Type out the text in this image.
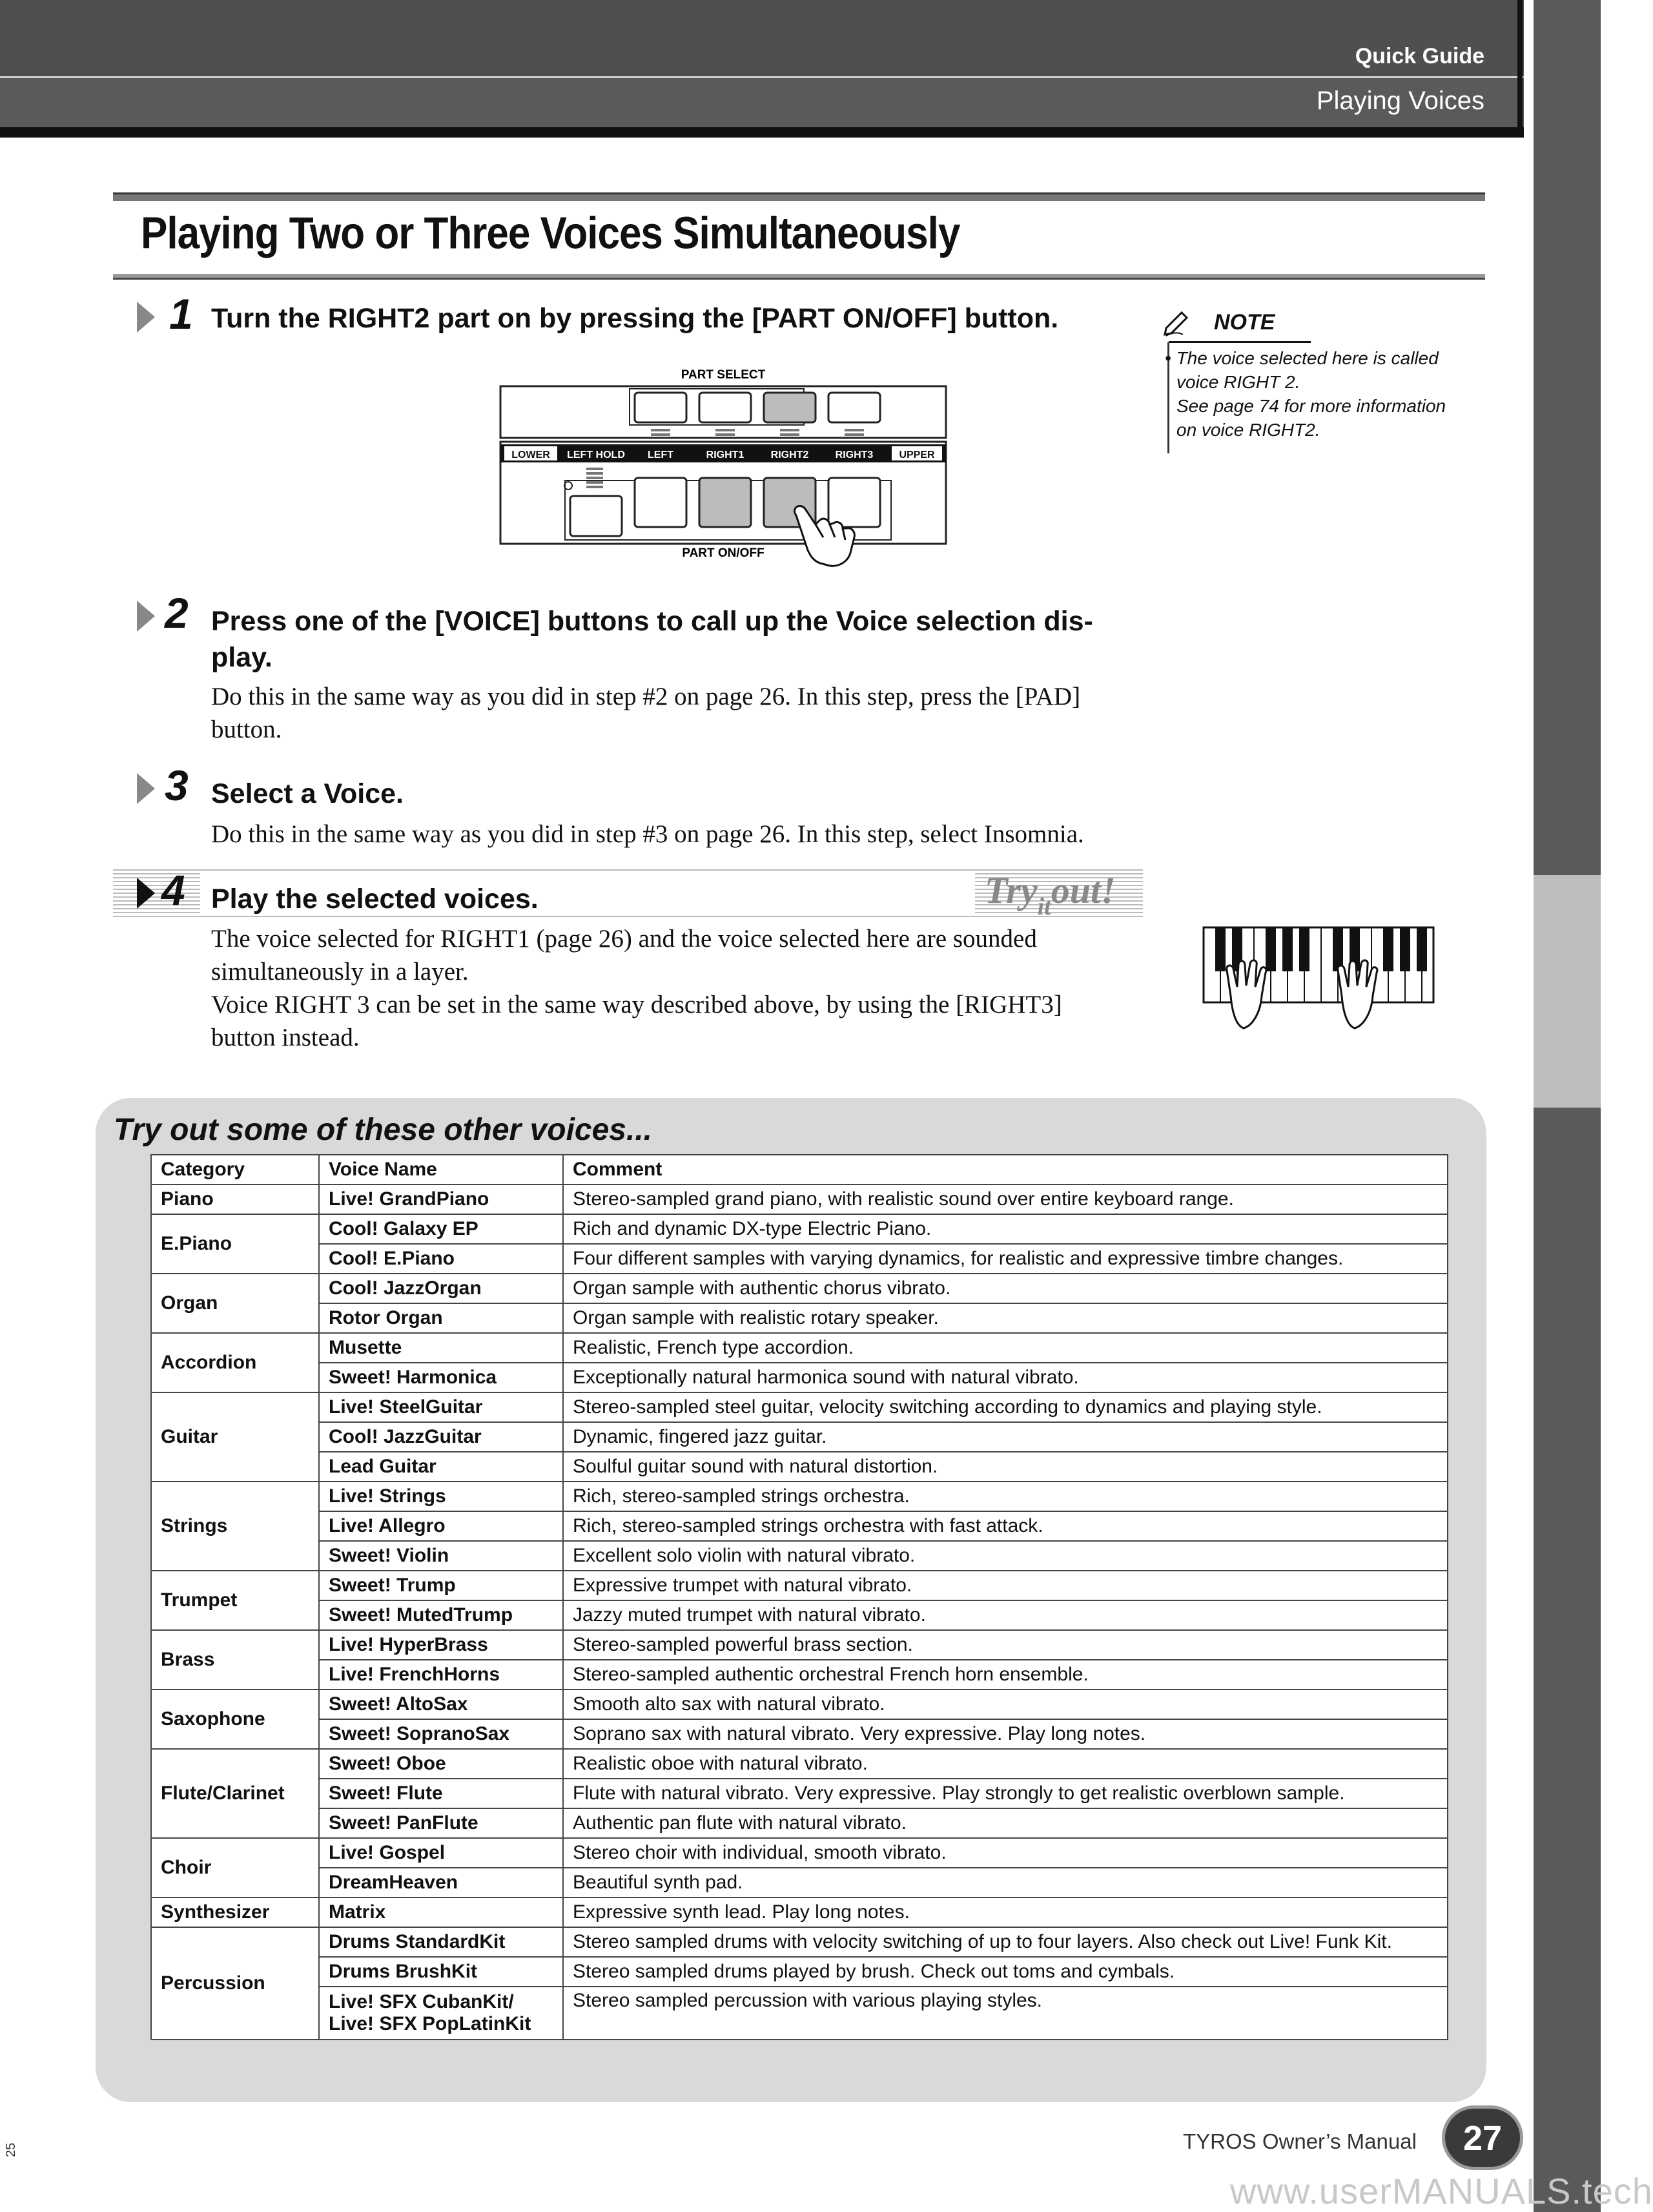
Quick Guide
Playing Voices
Playing Two or Three Voices Simultaneously
1 Turn the RIGHT2 part on by pressing the [PART ON/OFF] button.
PART SELECT
LOWER LEFT HOLD LEFT	RIGHT1	RIGHT2	RIGHT3	UPPER
PART ON/OFF
NOTE
• The voice selected here is called
voice RIGHT 2.
See page 74 for more information
on voice RIGHT2.
2 Press one of the [VOICE] buttons to call up the Voice selection dis-
play.
Do this in the same way as you did in step #2 on page 26. In this step, press the [PAD]
button.
3 Select a Voice.
Do this in the same way as you did in step #3 on page 26. In this step, select Insomnia.
4 Play the selected voices.	Try$_{it}$out!
The voice selected for RIGHT1 (page 26) and the voice selected here are sounded
simultaneously in a layer.
Voice RIGHT 3 can be set in the same way described above, by using the [RIGHT3]
button instead.
Try out some of these other voices...
Category	Voice Name	Comment
Piano	Live! GrandPiano	Stereo-sampled grand piano, with realistic sound over entire keyboard range.
E.Piano	Cool! Galaxy EP	Rich and dynamic DX-type Electric Piano.
	Cool! E.Piano	Four different samples with varying dynamics, for realistic and expressive timbre changes.
Organ	Cool! JazzOrgan	Organ sample with authentic chorus vibrato.
	Rotor Organ	Organ sample with realistic rotary speaker.
Accordion	Musette	Realistic, French type accordion.
	Sweet! Harmonica	Exceptionally natural harmonica sound with natural vibrato.
Guitar	Live! SteelGuitar	Stereo-sampled steel guitar, velocity switching according to dynamics and playing style.
	Cool! JazzGuitar	Dynamic, fingered jazz guitar.
	Lead Guitar	Soulful guitar sound with natural distortion.
Strings	Live! Strings	Rich, stereo-sampled strings orchestra.
	Live! Allegro	Rich, stereo-sampled strings orchestra with fast attack.
	Sweet! Violin	Excellent solo violin with natural vibrato.
Trumpet	Sweet! Trump	Expressive trumpet with natural vibrato.
	Sweet! MutedTrump	Jazzy muted trumpet with natural vibrato.
Brass	Live! HyperBrass	Stereo-sampled powerful brass section.
	Live! FrenchHorns	Stereo-sampled authentic orchestral French horn ensemble.
Saxophone	Sweet! AltoSax	Smooth alto sax with natural vibrato.
	Sweet! SopranoSax	Soprano sax with natural vibrato. Very expressive. Play long notes.
Flute/Clarinet	Sweet! Oboe	Realistic oboe with natural vibrato.
	Sweet! Flute	Flute with natural vibrato. Very expressive. Play strongly to get realistic overblown sample.
	Sweet! PanFlute	Authentic pan flute with natural vibrato.
Choir	Live! Gospel	Stereo choir with individual, smooth vibrato.
	DreamHeaven	Beautiful synth pad.
Synthesizer	Matrix	Expressive synth lead. Play long notes.
Percussion	Drums StandardKit	Stereo sampled drums with velocity switching of up to four layers. Also check out Live! Funk Kit.
	Drums BrushKit	Stereo sampled drums played by brush. Check out toms and cymbals.

	Live! SFX CubanKit/
Live! SFX PopLatinKit	Stereo sampled percussion with various playing styles.
TYROS Owner’s Manual	27
25
www.userMANUALS.tech
